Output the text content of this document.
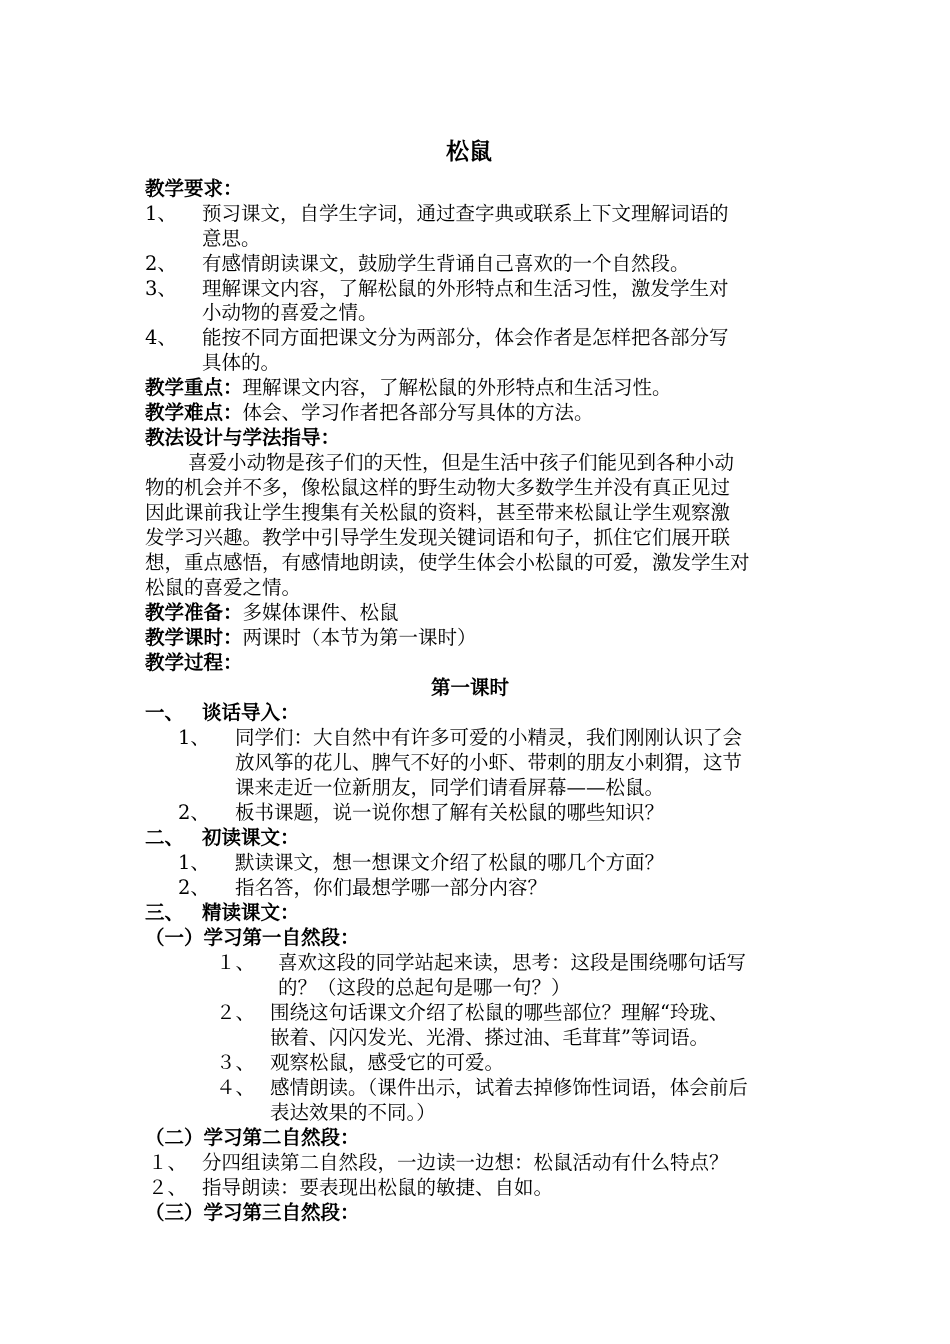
松鼠
教学要求：
1、 预习课文，自学生字词，通过查字典或联系上下文理解词语的
意思。
2、 有感情朗读课文，鼓励学生背诵自己喜欢的一个自然段。
3、 理解课文内容，了解松鼠的外形特点和生活习性，激发学生对
小动物的喜爱之情。
4、 能按不同方面把课文分为两部分，体会作者是怎样把各部分写
具体的。
教学重点：理解课文内容，了解松鼠的外形特点和生活习性。
教学难点：体会、学习作者把各部分写具体的方法。
教法设计与学法指导：
喜爱小动物是孩子们的天性，但是生活中孩子们能见到各种小动
物的机会并不多，像松鼠这样的野生动物大多数学生并没有真正见过
因此课前我让学生搜集有关松鼠的资料，甚至带来松鼠让学生观察激
发学习兴趣。教学中引导学生发现关键词语和句子，抓住它们展开联
想，重点感悟，有感情地朗读，使学生体会小松鼠的可爱，激发学生对
松鼠的喜爱之情。
教学准备：多媒体课件、松鼠
教学课时：两课时（本节为第一课时）
教学过程：
第一课时
一、 谈话导入：
1、 同学们：大自然中有许多可爱的小精灵，我们刚刚认识了会
放风筝的花儿、脾气不好的小虾、带刺的朋友小刺猬，这节
课来走近一位新朋友，同学们请看屏幕——松鼠。
2、 板书课题，说一说你想了解有关松鼠的哪些知识？
二、 初读课文：
1、 默读课文，想一想课文介绍了松鼠的哪几个方面？
2、 指名答，你们最想学哪一部分内容？
三、 精读课文：
（一）学习第一自然段：
１、 喜欢这段的同学站起来读，思考：这段是围绕哪句话写
的？（这段的总起句是哪一句？）
２、 围绕这句话课文介绍了松鼠的哪些部位？理解“玲珑、
嵌着、闪闪发光、光滑、搽过油、毛茸茸”等词语。
３、 观察松鼠，感受它的可爱。
４、 感情朗读。（课件出示，试着去掉修饰性词语，体会前后
表达效果的不同。）
（二）学习第二自然段：
１、 分四组读第二自然段，一边读一边想：松鼠活动有什么特点？
２、 指导朗读：要表现出松鼠的敏捷、自如。
（三）学习第三自然段：
